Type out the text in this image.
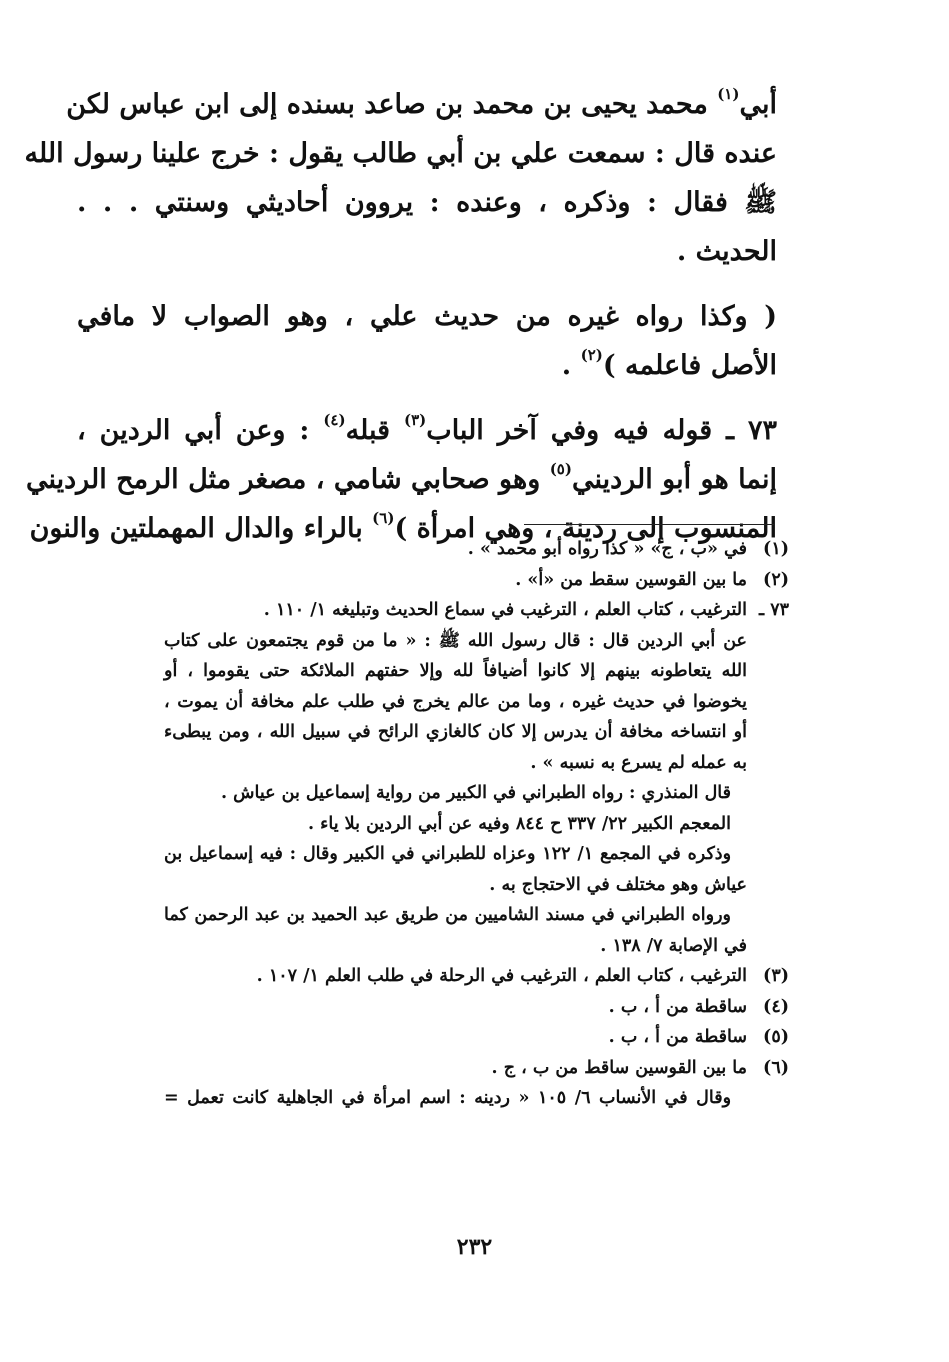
أبي$^{(١)}$ محمد يحيى بن محمد بن صاعد بسنده إلى ابن عباس لكن
عنده قال : سمعت علي بن أبي طالب يقول : خرج علينا رسول الله
ﷺ فقال : وذكره ، وعنده : يروون أحاديثي وسنتي . . .
الحديث .
( وكذا رواه غيره من حديث علي ، وهو الصواب لا مافي
الأصل فاعلمه )$^{(٢)}$ .
٧٣ ـ قوله فيه وفي آخر الباب$^{(٣)}$ قبله$^{(٤)}$ : وعن أبي الردين ،
إنما هو أبو الرديني$^{(٥)}$ وهو صحابي شامي ، مصغر مثل الرمح الرديني
المنسوب إلى ردينة ، وهي امرأة )$^{(٦)}$ بالراء والدال المهملتين والنون
(١)في «ب ، ج» « كذا رواه أبو محمد » .
(٢)ما بين القوسين سقط من «أ» .
٧٣ ـالترغيب ، كتاب العلم ، الترغيب في سماع الحديث وتبليغه ١/ ١١٠ .
عن أبي الردين قال : قال رسول الله ﷺ : « ما من قوم يجتمعون على كتاب
الله يتعاطونه بينهم إلا كانوا أضيافاً لله وإلا حفتهم الملائكة حتى يقوموا ، أو
يخوضوا في حديث غيره ، وما من عالم يخرج في طلب علم مخافة أن يموت ،
أو انتساخه مخافة أن يدرس إلا كان كالغازي الرائح في سبيل الله ، ومن يبطىء
به عمله لم يسرع به نسبه » .
قال المنذري : رواه الطبراني في الكبير من رواية إسماعيل بن عياش .
المعجم الكبير ٢٢/ ٣٣٧ ح ٨٤٤ وفيه عن أبي الردين بلا ياء .
وذكره في المجمع ١/ ١٢٢ وعزاه للطبراني في الكبير وقال : فيه إسماعيل بن
عياش وهو مختلف في الاحتجاج به .
ورواه الطبراني في مسند الشاميين من طريق عبد الحميد بن عبد الرحمن كما
في الإصابة ٧/ ١٣٨ .
(٣)الترغيب ، كتاب العلم ، الترغيب في الرحلة في طلب العلم ١/ ١٠٧ .
(٤)ساقطة من أ ، ب .
(٥)ساقطة من أ ، ب .
(٦)ما بين القوسين ساقط من ب ، ج .
وقال في الأنساب ٦/ ١٠٥ « ردينه : اسم امرأة في الجاهلية كانت تعمل =
٢٣٢
